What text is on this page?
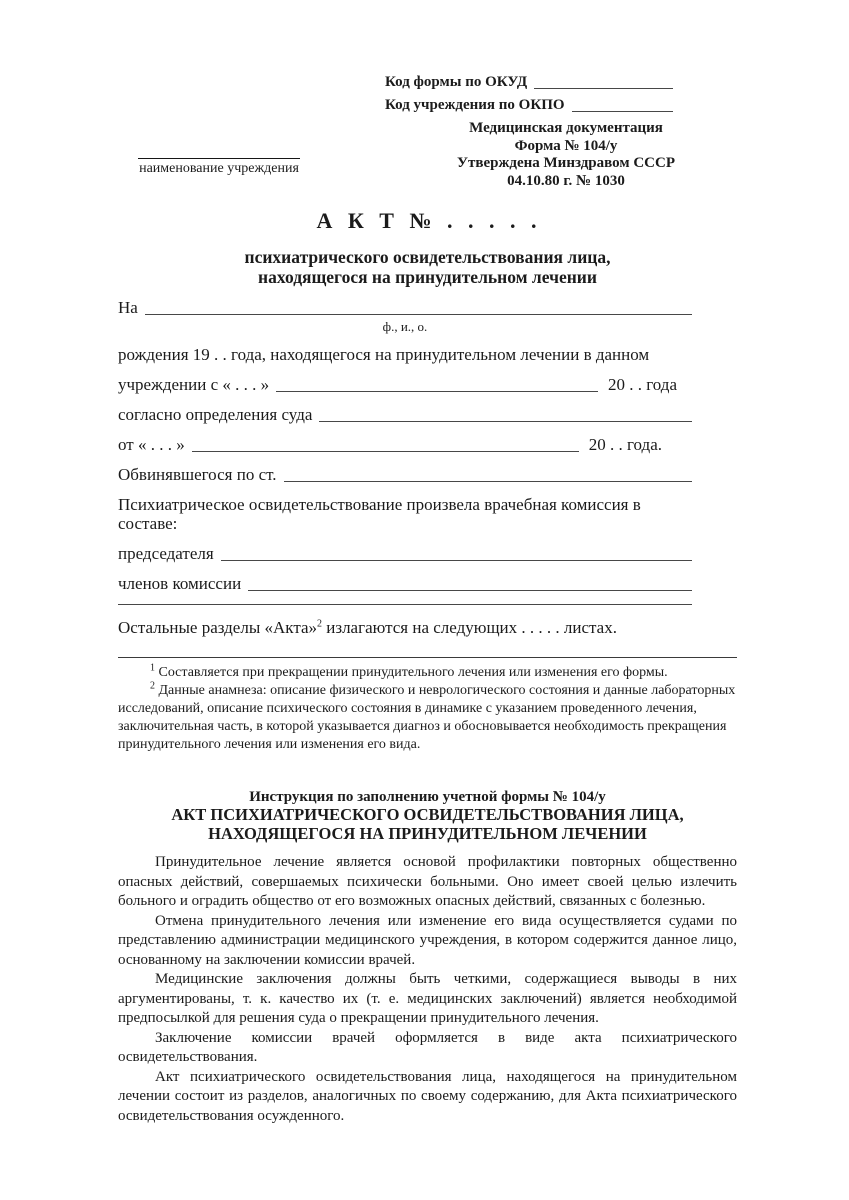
Код формы по ОКУД
Код учреждения по ОКПО
наименование учреждения
Медицинская документация
Форма № 104/у
Утверждена Минздравом СССР
04.10.80 г. № 1030
А К Т № . . . . .
психиатрического освидетельствования лица,
находящегося на принудительном лечении
На
ф., и., о.
рождения 19 . . года, находящегося на принудительном лечении в данном
учреждении с « . . . »	20 . . года
согласно определения суда
от « . . . »	20 . . года.
Обвинявшегося по ст.
Психиатрическое освидетельствование произвела врачебная комиссия в составе:
председателя
членов комиссии
Остальные разделы «Акта»$^2$ излагаются на следующих . . . . . листах.

$^1$ Составляется при прекращении принудительного лечения или изменения его формы.

$^2$ Данные анамнеза: описание физического и неврологического состояния и данные лабораторных исследований, описание психического состояния в динамике с указанием проведенного лечения, заключительная часть, в которой указывается диагноз и обосновывается необходимость прекращения принудительного лечения или изменения его вида.

Инструкция по заполнению учетной формы № 104/у
АКТ ПСИХИАТРИЧЕСКОГО ОСВИДЕТЕЛЬСТВОВАНИЯ ЛИЦА,
НАХОДЯЩЕГОСЯ НА ПРИНУДИТЕЛЬНОМ ЛЕЧЕНИИ

Принудительное лечение является основой профилактики повторных общественно опасных действий, совершаемых психически больными. Оно имеет своей целью излечить больного и оградить общество от его возможных опасных действий, связанных с болезнью.

Отмена принудительного лечения или изменение его вида осуществляется судами по представлению администрации медицинского учреждения, в котором содержится данное лицо, основанному на заключении комиссии врачей.

Медицинские заключения должны быть четкими, содержащиеся выводы в них аргументированы, т. к. качество их (т. е. медицинских заключений) является необходимой предпосылкой для решения суда о прекращении принудительного лечения.

Заключение комиссии врачей оформляется в виде акта психиатрического освидетельствования.

Акт психиатрического освидетельствования лица, находящегося на принудительном лечении состоит из разделов, аналогичных по своему содержанию, для Акта психиатрического освидетельствования осужденного.
